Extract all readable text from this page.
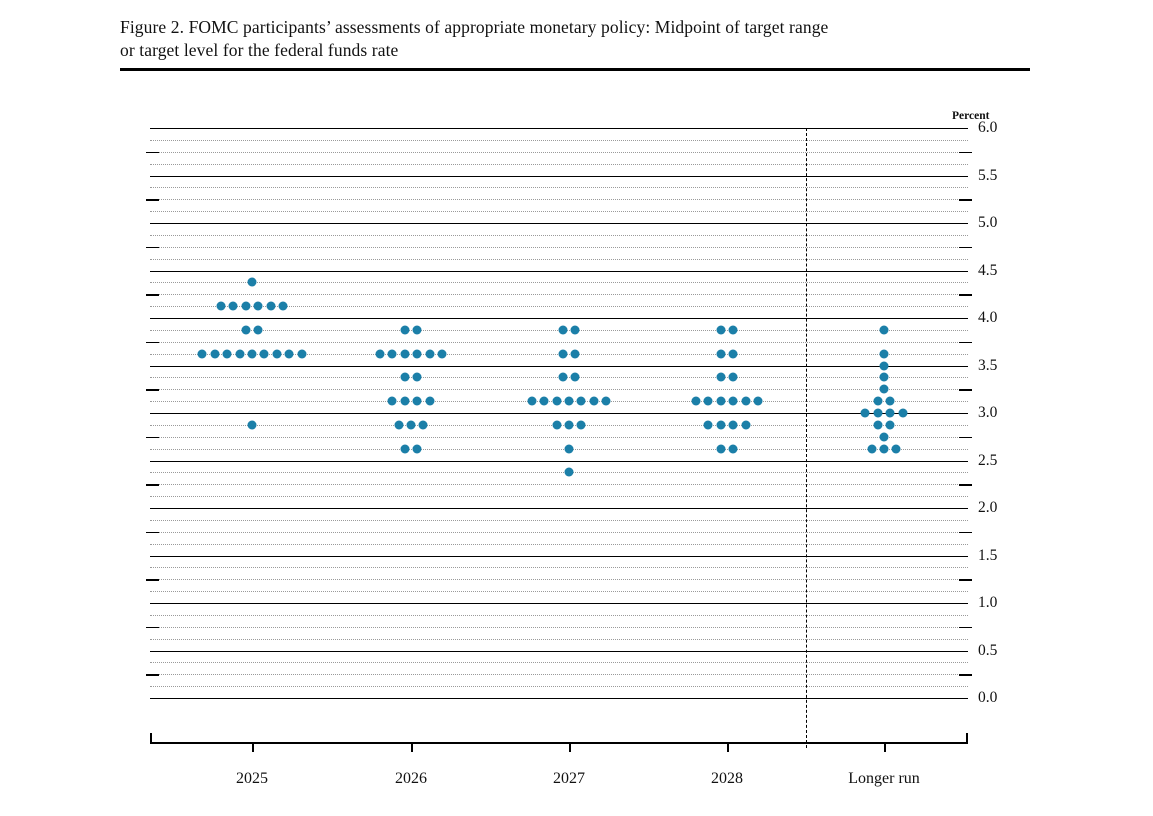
Figure 2. FOMC participants’ assessments of appropriate monetary policy: Midpoint of target range
or target level for the federal funds rate
Percent
0.0
0.5
1.0
1.5
2.0
2.5
3.0
3.5
4.0
4.5
5.0
5.5
6.0
2025	2026	2027	2028	Longer run
